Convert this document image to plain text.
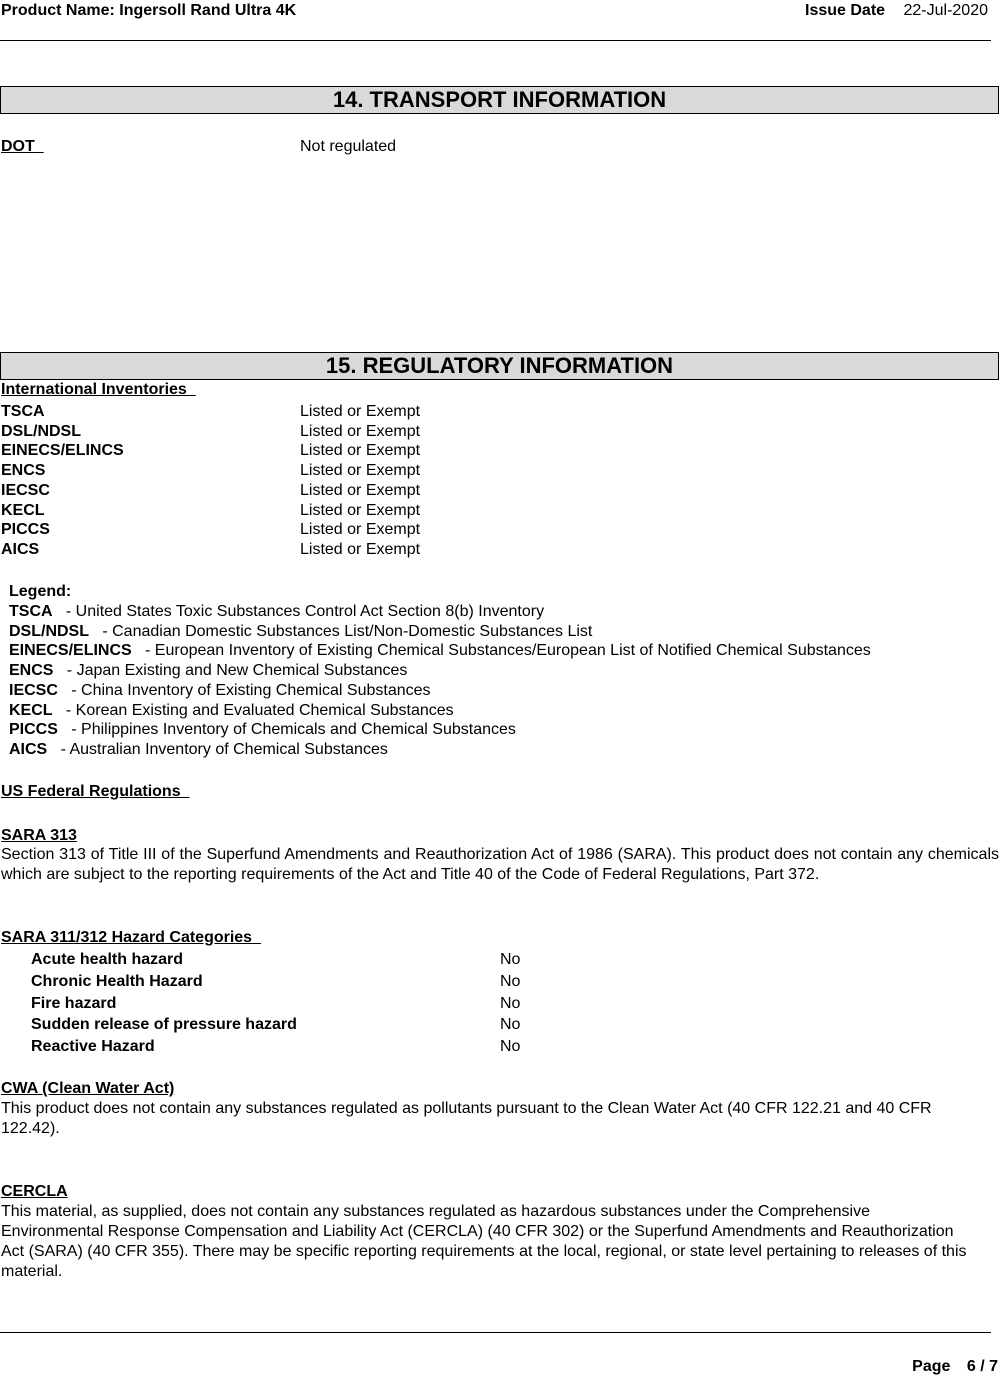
Product Name: Ingersoll Rand Ultra 4K	Issue Date 22-Jul-2020
14. TRANSPORT INFORMATION
DOT	Not regulated
15. REGULATORY INFORMATION
International Inventories
TSCA	Listed or Exempt
DSL/NDSL	Listed or Exempt
EINECS/ELINCS	Listed or Exempt
ENCS	Listed or Exempt
IECSC	Listed or Exempt
KECL	Listed or Exempt
PICCS	Listed or Exempt
AICS	Listed or Exempt
Legend:
TSCA - United States Toxic Substances Control Act Section 8(b) Inventory
DSL/NDSL - Canadian Domestic Substances List/Non-Domestic Substances List
EINECS/ELINCS - European Inventory of Existing Chemical Substances/European List of Notified Chemical Substances
ENCS - Japan Existing and New Chemical Substances
IECSC - China Inventory of Existing Chemical Substances
KECL - Korean Existing and Evaluated Chemical Substances
PICCS - Philippines Inventory of Chemicals and Chemical Substances
AICS - Australian Inventory of Chemical Substances
US Federal Regulations
SARA 313
Section 313 of Title III of the Superfund Amendments and Reauthorization Act of 1986 (SARA). This product does not contain any chemicals which are subject to the reporting requirements of the Act and Title 40 of the Code of Federal Regulations, Part 372.
SARA 311/312 Hazard Categories
Acute health hazard	No
Chronic Health Hazard	No
Fire hazard	No
Sudden release of pressure hazard	No
Reactive Hazard	No
CWA (Clean Water Act)
This product does not contain any substances regulated as pollutants pursuant to the Clean Water Act (40 CFR 122.21 and 40 CFR 122.42).
CERCLA
This material, as supplied, does not contain any substances regulated as hazardous substances under the Comprehensive Environmental Response Compensation and Liability Act (CERCLA) (40 CFR 302) or the Superfund Amendments and Reauthorization Act (SARA) (40 CFR 355). There may be specific reporting requirements at the local, regional, or state level pertaining to releases of this material.
Page 6 / 7
